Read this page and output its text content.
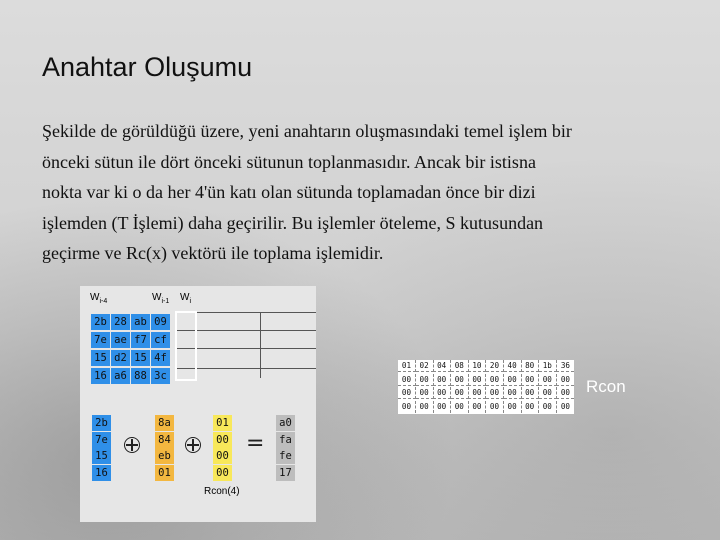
Anahtar Oluşumu
Şekilde de görüldüğü üzere, yeni anahtarın oluşmasındaki temel işlem bir
önceki sütun ile dört önceki sütunun toplanmasıdır. Ancak bir istisna
nokta var ki o da her 4'ün katı olan sütunda toplamadan önce bir dizi
işlemden (T İşlemi) daha geçirilir. Bu işlemler öteleme, S kutusundan
geçirme ve Rc(x) vektörü ile toplama işlemidir.
$W_{i-4}$	$W_{i-1}$ $W_i$
Rcon(4)
=
2b 28 ab 09
7e ae f7 cf
15 d2 15 4f
16 a6 88 3c
2b
7e
15
16
8a
84
eb
01
01
00
00
00
a0
fa
fe
17
01	02	04	08	10	20	40	80	1b	36
00	00	00	00	00	00	00	00	00	00
00	00	00	00	00	00	00	00	00	00
00	00	00	00	00	00	00	00	00	00
Rcon
